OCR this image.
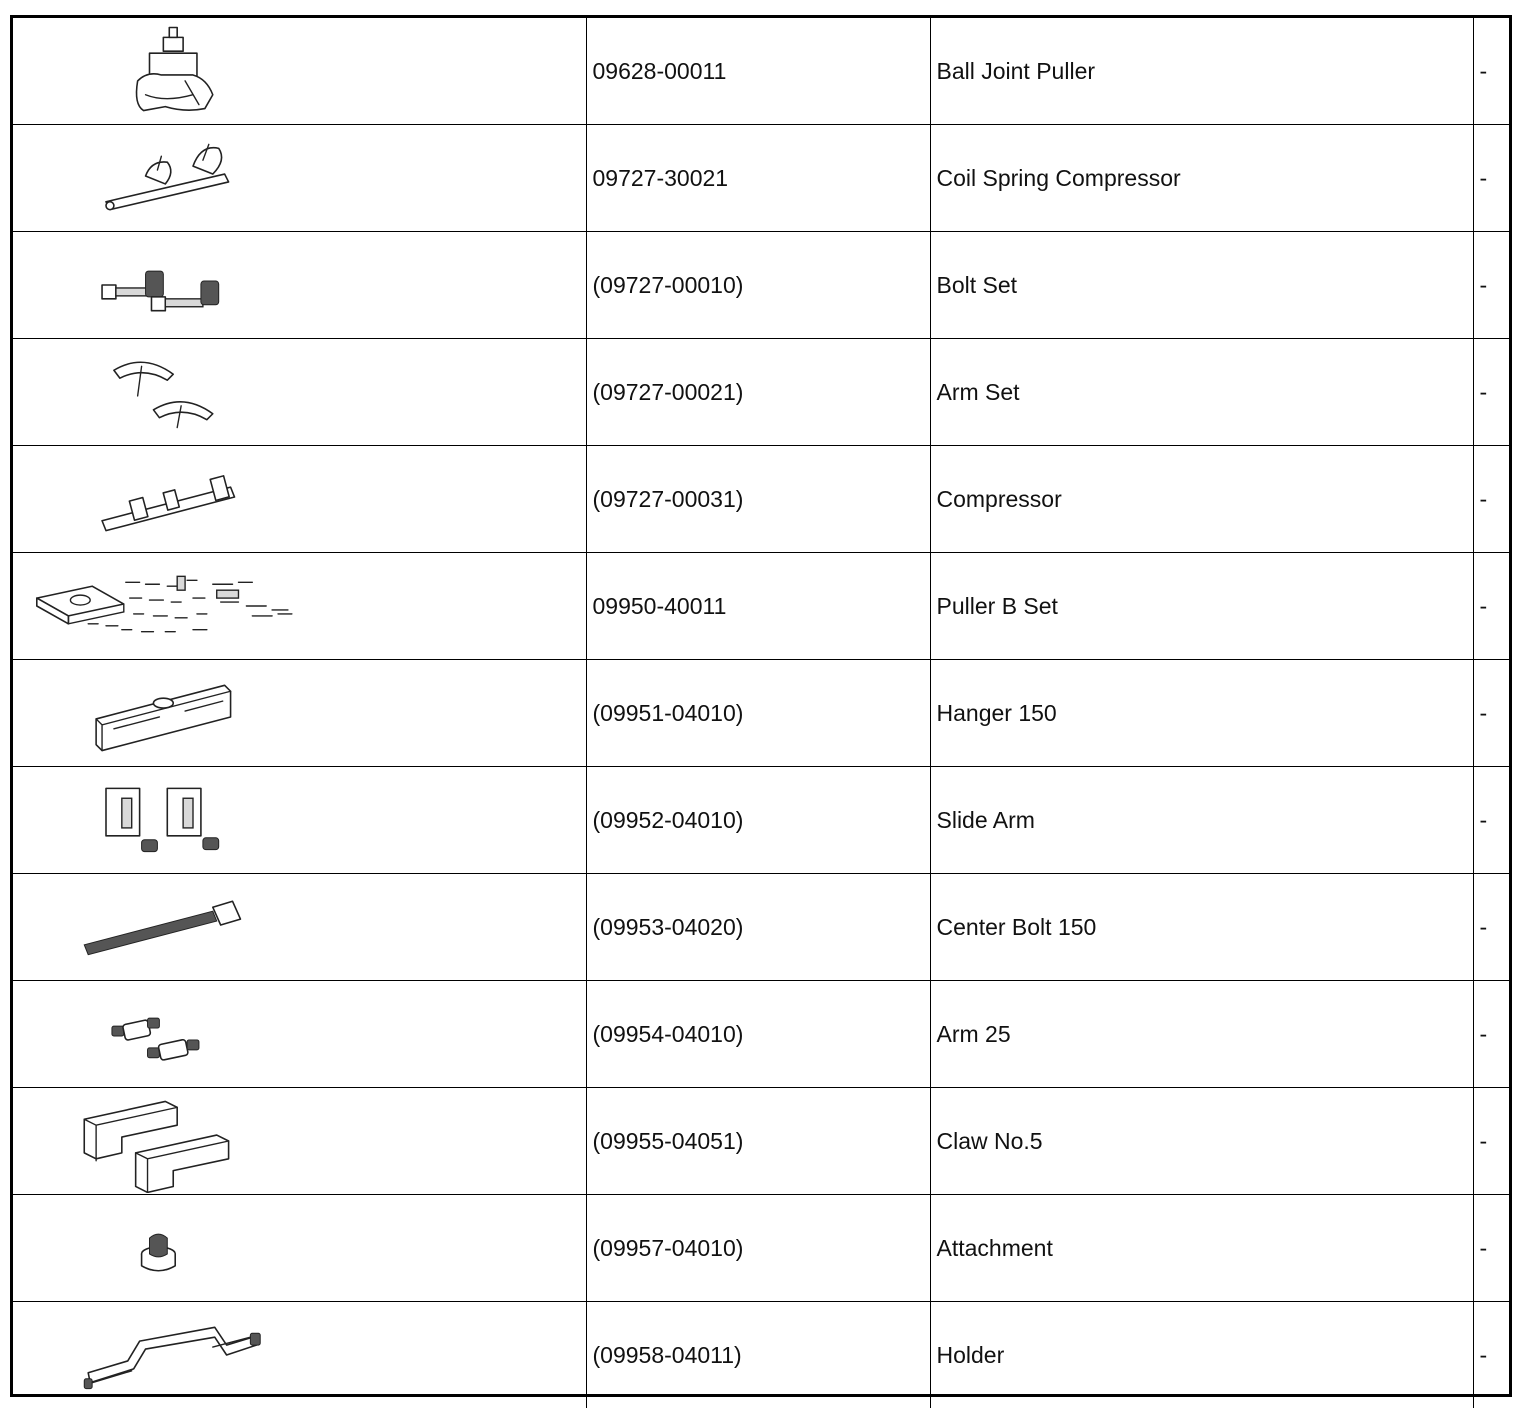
	09628-00011	Ball Joint Puller	-

	09727-30021	Coil Spring Compressor	-

	(09727-00010)	Bolt Set	-

	(09727-00021)	Arm Set	-

	(09727-00031)	Compressor	-

	09950-40011	Puller B Set	-

	(09951-04010)	Hanger 150	-

	(09952-04010)	Slide Arm	-

	(09953-04020)	Center Bolt 150	-

	(09954-04010)	Arm 25	-

	(09955-04051)	Claw No.5	-

	(09957-04010)	Attachment	-

	(09958-04011)	Holder	-
